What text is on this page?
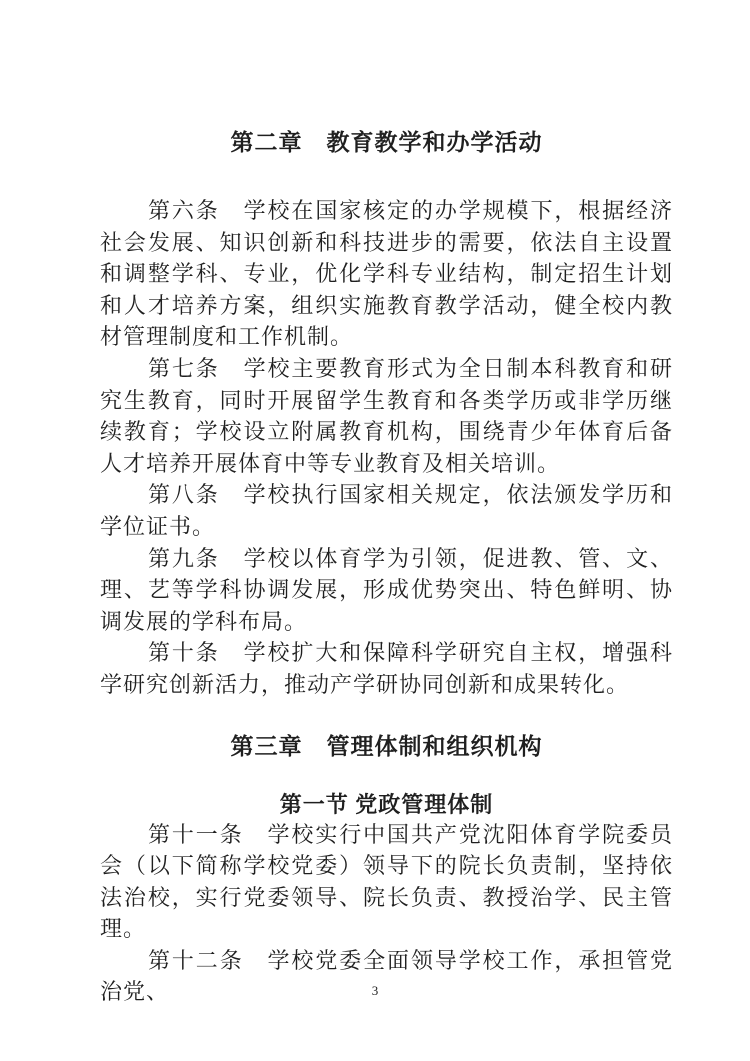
第二章　教育教学和办学活动

第六条　学校在国家核定的办学规模下，根据经济社会发展、知识创新和科技进步的需要，依法自主设置和调整学科、专业，优化学科专业结构，制定招生计划和人才培养方案，组织实施教育教学活动，健全校内教材管理制度和工作机制。

第七条　学校主要教育形式为全日制本科教育和研究生教育，同时开展留学生教育和各类学历或非学历继续教育；学校设立附属教育机构，围绕青少年体育后备人才培养开展体育中等专业教育及相关培训。

第八条　学校执行国家相关规定，依法颁发学历和学位证书。

第九条　学校以体育学为引领，促进教、管、文、理、艺等学科协调发展，形成优势突出、特色鲜明、协调发展的学科布局。

第十条　学校扩大和保障科学研究自主权，增强科学研究创新活力，推动产学研协同创新和成果转化。

第三章　管理体制和组织机构
第一节 党政管理体制

第十一条　学校实行中国共产党沈阳体育学院委员会（以下简称学校党委）领导下的院长负责制，坚持依法治校，实行党委领导、院长负责、教授治学、民主管理。

第十二条　学校党委全面领导学校工作，承担管党治党、	3
